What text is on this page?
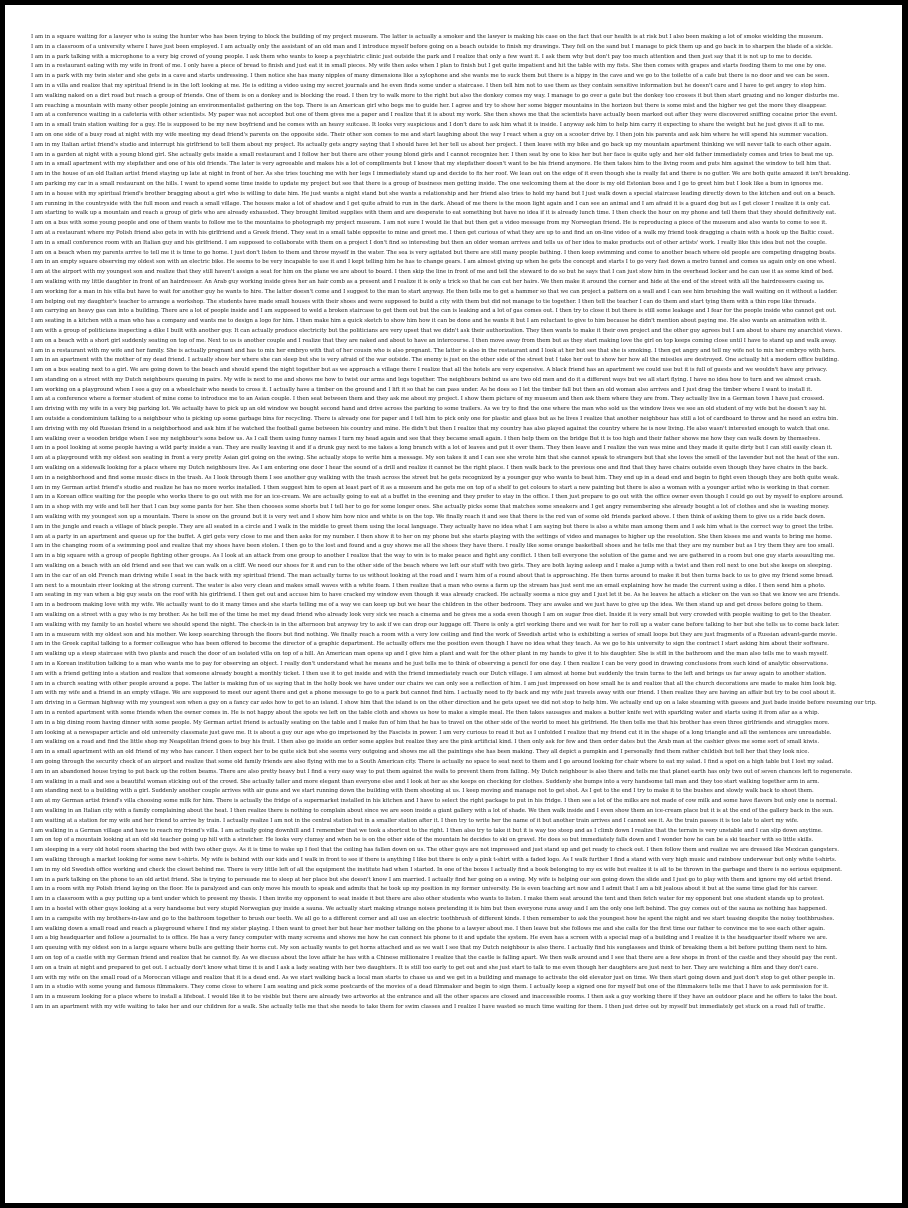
I am in a square waiting for a lawyer who is suing the hunter who has been trying to block the building of my project museum. The latter is actually a smoker and the lawyer is making his case on the fact that our health is at risk but I also been making a lot of smoke wielding the museum.
I am in a classroom of a university where I have just been employed. I am actually only the assistant of an old man and I introduce myself before going on a beach outside to finish my drawings. They fell on the sand but I manage to pick them up and go back in to sharpen the blade of a sickle.
I am in a park talking with a microphone to a very big crowd of young people. I ask them who wants to keep a psychiatric clinic just outside the park and I realize that only a few want it. I ask them why but don't pay too much attention and then just say that it is not up to me to decide.
I am in a restaurant eating with my wife in front of me. I only have a piece of bread to finish and just eat it in small pieces. My wife then asks when I plan to finish but I get quite impatient and hit the table with my fists. She then comes with grapes and starts feeding them to me one by one.
I am in a park with my twin sister and she gets in a cave and starts undressing. I then notice she has many nipples of many dimensions like a xylophone and she wants me to suck them but there is a hippy in the cave and we go to the toilette of a cafe but there is no door and we can be seen.
I am in a villa and realize that my spiritual friend is in the loft looking at me. He is editing a video using my secret journals and he even finds some under a staircase. I then tell him not to use them as they contain sensitive information but he doesn't care and I have to get angry to stop him.
I am walking naked on a dirt road but reach a group of friends. One of them is on a donkey and is blocking the road. I then try to walk more to the right but also the donkey comes my way. I manage to go over a gate but the donkey too crosses it but then start grazing and no longer disturbs me.
I am reaching a mountain with many other people joining an environmentalist gathering on the top. There is an American girl who begs me to guide her. I agree and try to show her some bigger mountains in the horizon but there is some mist and the higher we get the more they disappear.
I am at a conference waiting in a cafeteria with other scientists. My paper was not accepted but one of them gives me a paper and I realize that it is about my work. She then shows me that the scientists have actually been marked out after they were discovered sniffing cocaine prior the event.
I am in a small train station waiting for a guy. He is supposed to be my new boyfriend and he comes with an heavy suitcase. It looks very suspicious and I don't dare to ask him what it is inside. I anyway ask him to help him carry it expecting to share the weight but he just gives it all to me.
I am on one side of a busy road at night with my wife meeting my dead friend's parents on the opposite side. Their other son comes to me and start laughing about the way I react when a guy on a scooter drive by. I then join his parents and ask him where he will spend his summer vacation.
I am in my Italian artist friend's studio and interrupt his girlfriend to tell them about my project. Its actually gets angry saying that I should have let her tell us about her project. I then leave with my bike and go back up my mountain apartment thinking we will never talk to each other again.
I am in a garden at night with a young blond girl. She actually gets inside a small restaurant and I follow her but there are other young blond girls and I cannot recognize her. I then seat by one to kiss her but her face is quite ugly and her old father immediately comes and tries to beat me up.
I am in a small apartment with my stepfather and one of his old friends. The later is very agreeable and makes his a lot of compliments but I know that my stepfather doesn't want to be his friend anymore. He then takes him to the living room and puts him against the window to tell him that.
I am in the house of an old Italian artist friend staying up late at night in front of her. As she tries touching me with her legs I immediately stand up and decide to fix her roof. We lean out on the edge of it even though she is really fat and there is no gutter. We are both quite amazed it isn't breaking.
I am parking my car in a small restaurant on the hills. I want to spend some time inside to update my project but see that there is a group of business men getting inside. The one welcoming them at the door is my old Estonian boss and I go to greet him but I look like a bum in ignores me.
I am in a house with my spiritual friend's brother bragging about a girl who is willing to date him. He just wants a night stand but she wants a relationship and her friend also tries to hold my hand but I just walk down a special staircase leading directly down to the kitchen and out on a beach.
I am running in the countryside with the full moon and reach a small village. The houses make a lot of shadow and I get quite afraid to run in the dark. Ahead of me there is the moon light again and I can see an animal and I am afraid it is a guard dog but as I get closer I realize it is only cat.
I am starting to walk up a mountain and reach a group of girls who are already exhausted. They brought limited supplies with them and are desperate to eat something but have no idea if it is already lunch time. I then check the hour on my phone and tell them that they should definitively eat.
I am on a bus with some young people and one of them wants to follow me to the mountains to photograph my project museum. I am not sure I would lie that but then get a video message from my Norwegian friend. He is reproducing a piece of the museum and also wants to come to see it.
I am at a restaurant where my Polish friend also gets in with his girlfriend and a Greek friend. They seat in a small table opposite to mine and greet me. I then get curious of what they are up to and find an on-line video of a walk my friend took dragging a chain with a hook up the Baltic coast.
I am in a small conference room with an Italian guy and his girlfriend. I am supposed to collaborate with them on a project I don't find so interesting but then an older woman arrives and tells us of her idea to make products out of other artists' work. I really like this idea but not the couple.
I am on a beach when my parents arrive to tell me it is time to go home. I just don't listen to them and throw myself in the water. The sea is very agitated but there are still many people bathing. I then keep swimming and come to another beach where old people are competing dragging boats.
I am in an empty square observing my oldest son with an electric bike. He seems to be very incapable to use it and I kept telling him he has to change gears. I am almost giving up when he gets the concept and starts I to go very fast down a metro tunnel and comes us again only on one wheel.
I am at the airport with my youngest son and realize that they still haven't assign a seat for him on the plane we are about to board. I then skip the line in front of me and tell the steward to do so but he says that I can just stow him in the overhead locker and he can use it as some kind of bed.
I am walking with my little daughter in front of an hairdresser. An Arab guy working inside gives her an hair comb as a present and I realize it is only a trick so that he can cut her hairs. We then make it around the corner and hide at the end of the street with all the hairdressers casing us.
I am working for a man in his villa but have to wait for another guy he wants to hire. The latter doesn't come and I suggest to the man to start anyway. He then tells me to get a hammer so that we can project a pattern on a wall and I can see him brushing the wall waiting on it without a ladder.
I am helping out my daughter's teacher to arrange a workshop. The students have made small houses with their shoes and were supposed to build a city with them but did not manage to tie together. I then tell the teacher I can do them and start tying them with a thin rope like threads.
I am carrying an heavy gas can into a building. There are a lot of people inside and I am supposed to weld a broken staircase to get them out but the can is leaking and a lot of gas comes out. I then try to close it but there is still some leakage and I fear for the people inside who cannot get out.
I am seating in a kitchen with a man who has a company and wants me to design a logo for him. I then make him a quick sketch to show him how it can be done and he wants it but I am reluctant to give to him because he didn't mention about paying me. He also wants an animation with it.
I am with a group of politicians inspecting a dike I built with another guy. It can actually produce electricity but the politicians are very upset that we didn't ask their authorization. They then wants to make it their own project and the other guy agrees but I am about to share my anarchist views.
I am on a beach with a short girl suddenly seating on top of me. Next to us is another couple and I realize that they are naked and about to have an intercourse. I then move away from them but as they start making love the girl on top keeps coming close until I have to stand up and walk away.
I am in a restaurant with my wife and her family. She is actually pregnant and has to mix her embryo with that of her cousin who is also pregnant. The latter is also in the restaurant and I look at her but see that she is smoking. I then get angry and tell my wife not to mix her embryo with hers.
I am in an apartment with the mother of my dead friend. I actually show her where she can sleep but she is very afraid of the war outside. The enemy is just on the other side of the street but I take her out to show her how all the missiles are destroyed. One actually hit a modern office building.
I am on a bus seating next to a girl. We are going down to the beach and should spend the night together but as we approach a village there I realize that all the hotels are very expensive. A black friend has an apartment we could use but it is full of guests and we wouldn't have any privacy.
I am standing on a street with my Dutch neighbours queuing in pairs. My wife is next to me and shows me how to twist our arms and legs together. The neighbours behind us are two old men and do it a different ways but we all start flying. I have no idea how to turn and we almost crash.
I am working on a playground when I see a guy on a wheelchair who needs to cross it. I actually have a timber on the ground and I lift it so that he can pass under. As he does so I let the timber fall but then an old woman also arrives and I just drag the timber where I want to install it.
I am at a conference where a former student of mine come to introduce me to an Asian couple. I then seat between them and they ask me about my project. I show them picture of my museum and then ask them where they are from. They actually live in a German town I have just crossed.
I am driving with my wife in a very big parking lot. We actually have to pick up an old window we bought second hand and drive across the parking to some trailers. As we try to find the one where the man who sold us the window lives we see an old student of my wife but he doesn't say hi.
I am outside a condominium talking to a neighbour who is picking up some garbage bins for recycling. There is already one for paper and I tell him to pick only one for plastic and glass but as he lives I realize that another neighbour has still a lot of cardboard to throw and he need an extra bin.
I am driving with my old Russian friend in a neighborhood and ask him if he watched the football game between his country and mine. He didn't but then I realize that my country has also played against the country where he is now living. He also wasn't interested enough to watch that one.
I am walking over a wooden bridge when I see my neighbour's sons below us. As I call them using funny names I turn my head again and see that they became small again. I then help them on the bridge But it is too high and their father shows me how they can walk down by themselves.
I am in a pool looking at some people having a wild party inside a van. They are really leaving it and if a drunk guy next to me takes a long branch with a lot of leaves and put it over them. They then leave and I realize the van was mine and they made it quite dirty but I can still easily clean it.
I am at a playground with my oldest son seating in front a very pretty Asian girl going on the swing. She actually stops to write him a message. My son takes it and I can see she wrote him that she cannot speak to strangers but that she loves the smell of the lavender but not the heat of the sun.
I am walking on a sidewalk looking for a place where my Dutch neighbours live. As I am entering one door I hear the sound of a drill and realize it cannot be the right place. I then walk back to the previous one and find that they have chairs outside even though they have chairs in the back.
I am in a neighborhood and find some music discs in the trash. As I look through them I see another guy walking with the trash across the street but he gets recognized by a younger guy who wants to beat him. They end up in a dead end and begin to fight even though they are both quite weak.
I am in my German artist friend's studio and realize he has no more works installed. I then suggest him to open at least part of it as a museum and he gets me on top of a shelf to get colours to start a new painting but there is also a woman with a younger artist who is working in that corner.
I am in a Korean office waiting for the people who works there to go out with me for an ice-cream. We are actually going to eat at a buffet in the evening and they prefer to stay in the office. I then just prepare to go out with the office owner even though I could go out by myself to explore around.
I am in a shop with my wife and tell her that I can buy some pants for her. She then chooses some shorts but I tell her to go for some longer ones. She actually picks some that matches some sneakers and I get angry remembering she already bought a lot of clothes and she is wasting money.
I am walking with my youngest son up a mountain. There is snow on the ground but it is very wet and I show him how nice and white is on the top. We finally reach it and see that there is the red van of some old friends parked above. I then think of asking them to give us a ride back down.
I am in the jungle and reach a village of black people. They are all seated in a circle and I walk in the middle to greet them using the local language. They actually have no idea what I am saying but there is also a white man among them and I ask him what is the correct way to greet the tribe.
I am at a party in an apartment and queue up for the buffet. A girl gets very close to me and then asks for my number. I then show it to her on my phone but she starts playing with the settings of video and manages to higher up the resolution. She then kisses me and wants to bring me home.
I am in the changing room of a swimming pool and realize that my shoes have been stolen. I then go to the lost and found and a guy shows me all the shoes they have there. I really like some orange basketball shoes and he tells me that they are my number but as I try them they are too small.
I am in a big square with a group of people fighting other groups. As I look at an attack from one group to another I realize that the way to win is to make peace and fight any conflict. I then tell everyone the solution of the game and we are gathered in a room but one guy starts assaulting me.
I am walking on a beach with an old friend and see that we can walk on a cliff. We need our shoes for it and run to the other side of the beach where we left our stuff with two girls. They are both laying asleep and I make a jump with a twist and then roll next to one but she keeps on sleeping.
I am in the car of an old French man driving while I seat in the back with my spiritual friend. The man actually turns to us without looking at the road and I warn him of a round about that is approaching. He then turns around to make it but then turns back to us to give my friend some bread.
I am next to a mountain river looking at the strong current. The water is also very clean and makes small waves with a white foam. I then realize that a man who owns a farm up the stream has just sent me an email explaining how he made the current using a dike. I then send him a photo.
I am seating in my van when a big guy seats on the roof with his girlfriend. I then get out and accuse him to have cracked my window even though it was already cracked. He actually seems a nice guy and I just let it be. As he leaves he attach a sticker on the van so that we know we are friends.
I am in a bedroom making love with my wife. We actually want to do it many times and she starts telling me of a way we can keep up but we hear the children in the other bedroom. They are awake and we just have to give up the idea. We then stand up and get dress before going to them.
I am walking on a street with a guy who is my brother. As he tell me of the time he met my dead friend who already look very sick we reach a cinema and he gives me a soda even though I am on sugar free diet. Inside it is very small but very crowded with people waiting to get to the theater.
I am walking with my family to an hostel where we should spend the night. The check-in is in the afternoon but anyway try to ask if we can drop our luggage off. There is only a girl working there and we wait for her to roll up a water cane before talking to her but she tells us to come back later.
I am in a museum with my oldest son and his mother. We keep searching through the floors but find nothing. We finally reach a room with a very low ceiling and find the work of Swedish artist who is exhibiting a series of small loops but they are just fragments of a Russian advant-garde movie.
I am in the Greek capital talking to a former colleague who has been offered to become the director of a graphic department. He actually offers me the position even though I have no idea what they teach. As we go to his university to sign the contract I start asking him about their software.
I am walking up a steep staircase with two plants and reach the door of an isolated villa on top of a hill. An American man opens up and I give him a plant and wait for the other plant in my hands to give it to his daughter. She is still in the bathroom and the man also tells me to wash myself.
I am in a Korean institution talking to a man who wants me to pay for observing an object. I really don't understand what he means and he just tells me to think of observing a pencil for one day. I then realize I can be very good in drawing conclusions from such kind of analytic observations.
I am with a friend getting into a station and realize that someone already bought a monthly ticket. I then use it to get inside and with the friend immediately reach our Dutch village. I am almost at home but suddenly the train turns to the left and brings us far away again to another station.
I am in a church seating with other people around a pope. The latter is making fun of us saying that in the holly book we have under our chairs we can only see a reflection of him. I am just impressed on how small he is and realize that all the church decorations are made to make him look big.
I am with my wife and a friend in an empty village. We are supposed to meet our agent there and get a phone message to go to a park but cannot find him. I actually need to fly back and my wife just travels away with our friend. I then realize they are having an affair but try to be cool about it.
I am driving in a German highway with my youngest son when a guy on a fancy car asks how to get to an island. I show him that the island is on the other direction and he gets upset we did not stop to help him. We actually end up on a lake steaming with gasses and just bade inside before resuming our trip.
I am in a rented apartment with some friends when the owner comes in. He is not happy about the spots we left on the table cloth and shows us how to make a simple meal. He then takes sausages and makes a butter knife wet with sparkling water and starts using it from afar as a whip.
I am in a big dining room having dinner with some people. My German artist friend is actually seating on the table and I make fun of him that he has to travel on the other side of the world to meet his girlfriend. He then tells me that his brother has even three girlfriends and struggles more.
I am looking at a newspaper article and old university classmate just gave me. It is about a guy our age who go imprisoned by the Fascists in power. I am very curious to read it but as I unfolded I realize that my friend cut it in the shape of a long triangle and all the sentences are unreadable.
I am walking on a road and find the little shop my Neapolitan friend goes to buy his fruit. I then also go inside an order some apples but realize they are the pink artificial kind. I then only ask for few and then order dates but the Arab man at the cashier gives me some sort of small kiwis.
I am in a small apartment with an old friend of my who has cancer. I then expect her to be quite sick but she seems very outgoing and shows me all the paintings she has been making. They all depict a pumpkin and I personally find them rather childish but tell her that they look nice.
I am going through the security check of an airport and realize that some old family friends are also flying with me to a South American city. There is actually no space to seat next to them and I go around looking for chair where to eat my salad. I find a spot on a high table but I lost my salad.
I am in an abandoned house trying to put back up the rotten beams. There are also pretty heavy but I find a very easy way to put them against the walls to prevent them from falling. My Dutch neighbour is also there and tells me that planet earth has only two out of seven chances left to regenerate.
I am walking in a mall and see a beautiful woman sticking out of the crowd. She actually taller and more elegant than everyone else and I look at her as she keeps on checking for clothes. Suddenly she bumps into a very handsome tall man and they too start walking together arm in arm.
I am standing next to a building with a girl. Suddenly another couple arrives with air guns and we start running down the building with them shooting at us. I keep moving and manage not to get shot. As I get to the end I try to make it to the bushes and slowly walk back to shoot them.
I am at my German artist friend's villa choosing some milk for him. There is actually the fridge of a supermarket installed in his kitchen and I have to select the right package to put in his fridge. I then see a lot of the milks are not made of cow milk and some have flavors but only one is normal.
I am walking in an Italian city with a family complaining about the heat. I then realize there is nothing to complain about since we are soon inside a giant gallery with a lot of shade. We then walk inside and I even show them an ice-cream place but it is at the end of the gallery back in the sun.
I am waiting at a station for my wife and her friend to arrive by train. I actually realize I am not in the central station but in a smaller station after it. I then try to write her the name of it but another train arrives and I cannot see it. As the train passes it is too late to alert my wife.
I am walking in a German village and have to reach my friend's villa. I am actually going downhill and I remember that we took a shortcut to the right. I then also try to take it but it is way too steep and as I climb down I realize that the terrain is very unstable and I can slip down anytime.
I am on top of a mountain looking at an old ski teacher going up hill with a stretcher. He looks very clumsy and when he is on the other side of the mountain he decides to ski on gravel. He does so but immediately falls down and I wonder how he can be a ski teacher with so little skills.
I am sleeping in a very old hotel room sharing the bed with two other guys. As it is time to wake up I feel that the ceiling has fallen down on us. The other guys are not impressed and just stand up and get ready to check out. I then follow them and realize we are dressed like Mexican gangsters.
I am walking through a market looking for some new t-shirts. My wife is behind with our kids and I walk in front to see if there is anything I like but there is only a pink t-shirt with a faded logo. As I walk further I find a stand with very high music and rainbow underwear but only white t-shirts.
I am in my old Swedish office working and check the closet behind me. There is very little left of all the equipment the institute had when I started. In one of the boxes I actually find a book belonging to my ex wife but realize it is all to be thrown in the garbage and there is no serious equipment.
I am in a park talking on the phone to an old artist friend. She is trying to persuade me to sleep at her place but she doesn't know I am married. I actually find her going on a swing. My wife is helping our son going down the slide and I just go to play with them and ignore my old artist friend.
I am in a room with my Polish friend laying on the floor. He is paralyzed and can only move his mouth to speak and admits that he took up my position in my former university. He is even teaching art now and I admit that I am a bit jealous about it but at the same time glad for his career.
I am in a classroom with a guy putting up a tent under which to present my thesis. I then invite my opponent to seat inside it but there are also other students who wants to listen. I make them seat around the tent and then fetch water for my opponent but one student stands up to protest.
I am in a hostel with other guys looking at a very handsome but very stupid Norwegian guy inside a sauna. We actually start making strange noises pretending it is him but then everyone runs away and I am the only one left behind. The guy comes out of the sauna as nothing has happened.
I am in a campsite with my brothers-in-law and go to the bathroom together to brush our teeth. We all go to a different corner and all use an electric toothbrush of different kinds. I then remember to ask the youngest how he spent the night and we start teasing despite the noisy toothbrushes.
I am walking down a small road and reach a playground where I find my sister playing. I then want to greet her but hear her mother talking on the phone to a lawyer about me. I then leave but she follows me and she calls for the first time our father to convince me to see each other again.
I am a big headquarter and follow a journalist to is office. He has a very fancy computer with many screens and shows me how he can connect his phone to it and update the system. He even has a screen with a special map of a building and I realize it is the headquarter itself where we are.
I am queuing with my oldest son in a large square where bulls are getting their horns cut. My son actually wants to get horns attached and as we wait I see that my Dutch neighbour is also there. I actually find his sunglasses and think of breaking them a bit before putting them next to him.
I am on top of a castle with my German friend and realize that he cannot fly. As we discuss about the love affair he has with a Chinese millionaire I realize that the castle is falling apart. We then walk around and I see that there are a few shops in front of the castle and they should pay the rent.
I am on a train at night and prepared to get out. I actually don't know what time it is and I ask a lady seating with her two daughters. It is still too early to get out and she just start to talk to me even though her daughters are just next to her. They are watching a film and they don't care.
I am with my wife on the small road of a Moroccan village and realize that it is a dead end. As we start walking back a local man starts to chase us and we get in a building and manage to activate the old elevator just on time. We then start going down and just don't stop to get other people in.
I am in a studio with some young and famous filmmakers. They come close to where I am seating and pick some postcards of the movies of a dead filmmaker and begin to sign them. I actually keep a signed one for myself but one of the filmmakers tells me that I have to ask permission for it.
I am in a museum looking for a place where to install a lifeboat. I would like it to be visible but there are already two artworks at the entrance and all the other spaces are closed and inaccessible rooms. I then ask a guy working there if they have an outdoor place and he offers to take the boat.
I am in an apartment with my wife waiting to take her and our children for a walk. She actually tells me that she needs to take them for swim classes and I realize I have wasted so much time waiting for them. I then just drive out by myself but immediately get stuck on a road full of traffic.
